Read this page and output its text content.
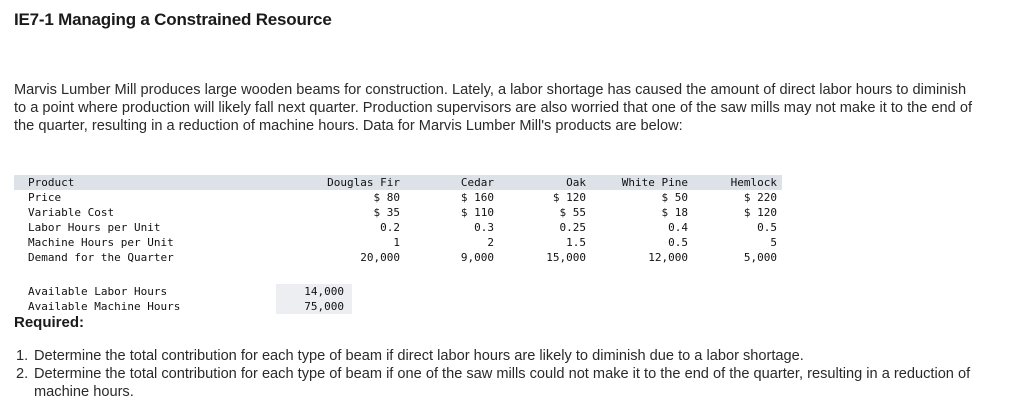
IE7-1 Managing a Constrained Resource
Marvis Lumber Mill produces large wooden beams for construction. Lately, a labor shortage has caused the amount of direct labor hours to diminish to a point where production will likely fall next quarter. Production supervisors are also worried that one of the saw mills may not make it to the end of the quarter, resulting in a reduction of machine hours. Data for Marvis Lumber Mill's products are below:
Product	Douglas Fir	Cedar	Oak	White Pine	Hemlock	
Price	$ 80	$ 160	$ 120	$ 50	$ 220	
Variable Cost	$ 35	$ 110	$ 55	$ 18	$ 120	
Labor Hours per Unit	0.2	0.3	0.25	0.4	0.5	
Machine Hours per Unit	1	2	1.5	0.5	5	
Demand for the Quarter	20,000	9,000	15,000	12,000	5,000	
Available Labor Hours	14,000
Available Machine Hours	75,000
Required:
1. Determine the total contribution for each type of beam if direct labor hours are likely to diminish due to a labor shortage.
2. Determine the total contribution for each type of beam if one of the saw mills could not make it to the end of the quarter, resulting in a reduction of machine hours.
